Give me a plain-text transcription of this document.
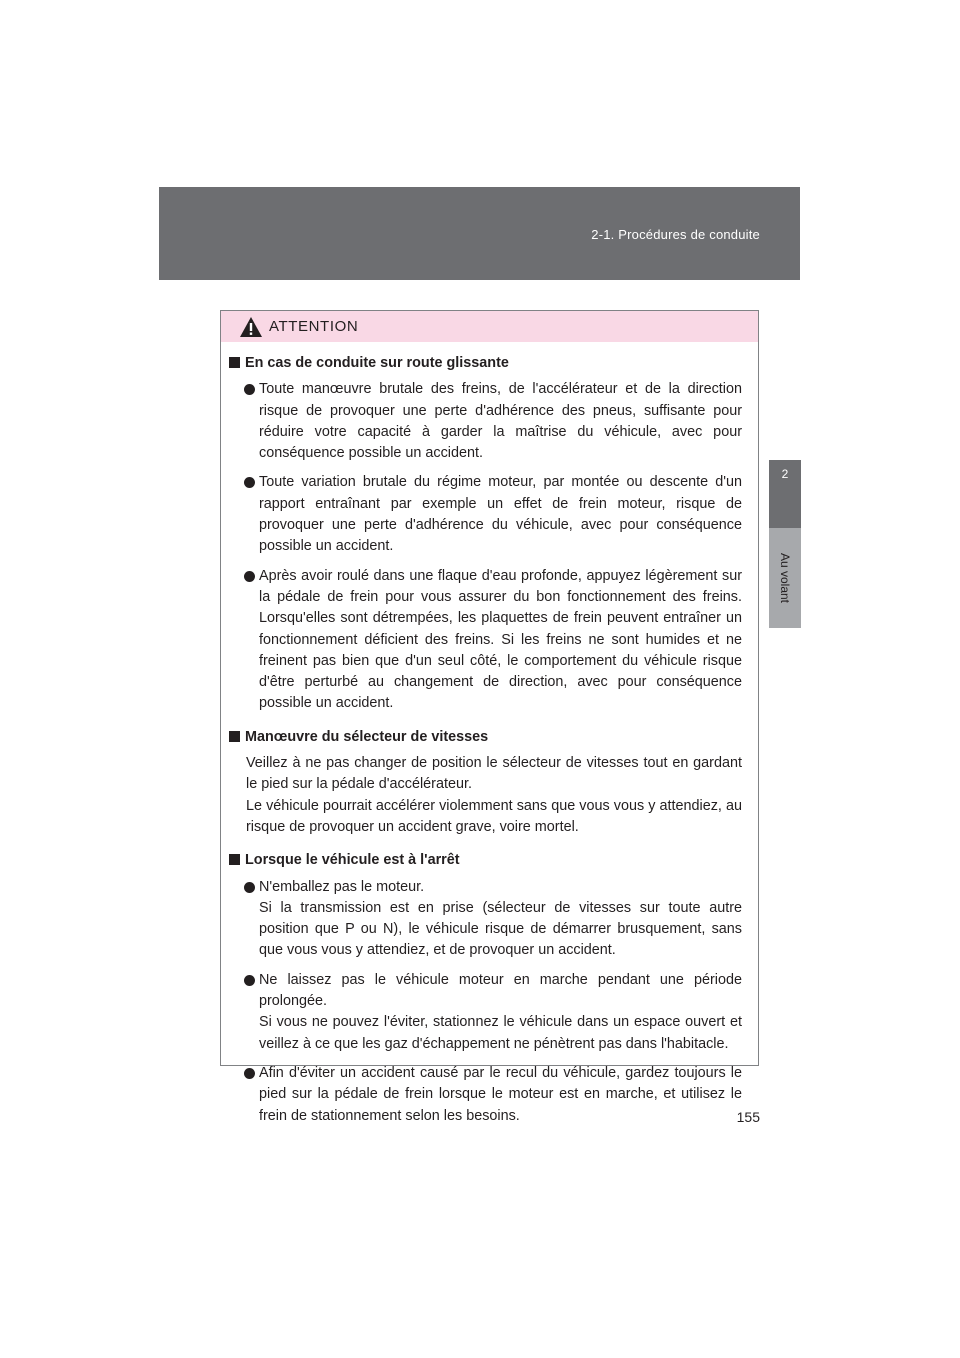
2-1. Procédures de conduite
2
Au volant
ATTENTION
En cas de conduite sur route glissante

Toute manœuvre brutale des freins, de l'accélérateur et de la direction risque de provoquer une perte d'adhérence des pneus, suffisante pour réduire votre capacité à garder la maîtrise du véhicule, avec pour conséquence possible un accident.

Toute variation brutale du régime moteur, par montée ou descente d'un rapport entraînant par exemple un effet de frein moteur, risque de provoquer une perte d'adhérence du véhicule, avec pour conséquence possible un accident.

Après avoir roulé dans une flaque d'eau profonde, appuyez légèrement sur la pédale de frein pour vous assurer du bon fonctionnement des freins. Lorsqu'elles sont détrempées, les plaquettes de frein peuvent entraîner un fonctionnement déficient des freins. Si les freins ne sont humides et ne freinent pas bien que d'un seul côté, le comportement du véhicule risque d'être perturbé au changement de direction, avec pour conséquence possible un accident.

Manœuvre du sélecteur de vitesses

Veillez à ne pas changer de position le sélecteur de vitesses tout en gardant le pied sur la pédale d'accélérateur.

Le véhicule pourrait accélérer violemment sans que vous vous y attendiez, au risque de provoquer un accident grave, voire mortel.

Lorsque le véhicule est à l'arrêt

N'emballez pas le moteur.

Si la transmission est en prise (sélecteur de vitesses sur toute autre position que P ou N), le véhicule risque de démarrer brusquement, sans que vous vous y attendiez, et de provoquer un accident.

Ne laissez pas le véhicule moteur en marche pendant une période prolongée.

Si vous ne pouvez l'éviter, stationnez le véhicule dans un espace ouvert et veillez à ce que les gaz d'échappement ne pénètrent pas dans l'habitacle.

Afin d'éviter un accident causé par le recul du véhicule, gardez toujours le pied sur la pédale de frein lorsque le moteur est en marche, et utilisez le frein de stationnement selon les besoins.	155
